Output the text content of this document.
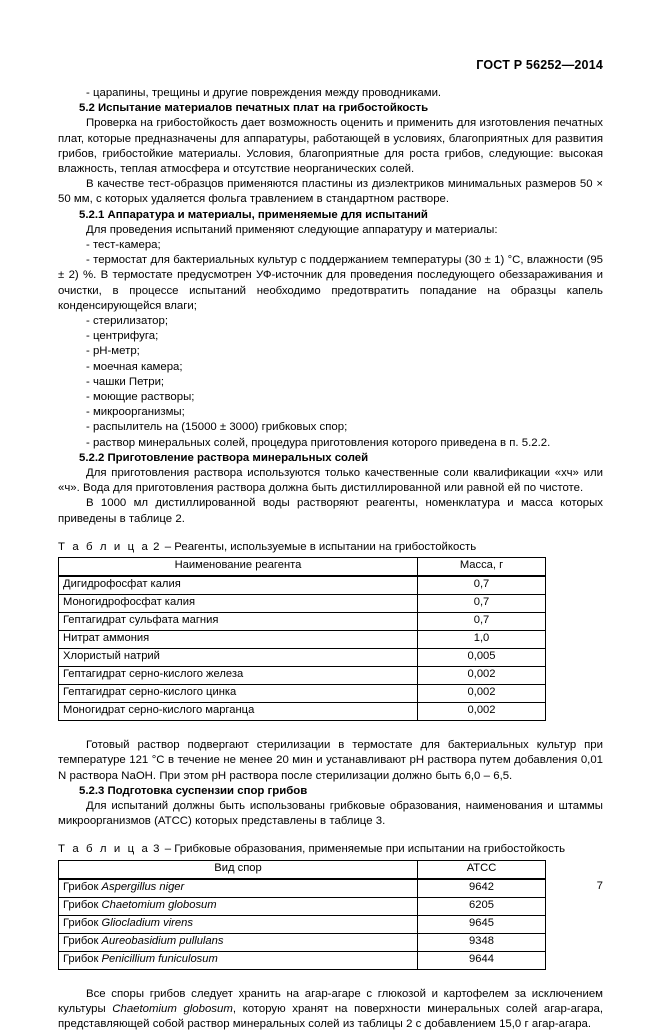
ГОСТ Р 56252—2014

- царапины, трещины и другие повреждения между проводниками.

5.2 Испытание материалов печатных плат на грибостойкость

Проверка на грибостойкость дает возможность оценить и применить для изготовления печатных плат, которые предназначены для аппаратуры, работающей в условиях, благоприятных для развития грибов, грибостойкие материалы. Условия, благоприятные для роста грибов, следующие: высокая влажность, теплая атмосфера и отсутствие неорганических солей.

В качестве тест-образцов применяются пластины из диэлектриков минимальных размеров 50 × 50 мм, с которых удаляется фольга травлением в стандартном растворе.

5.2.1 Аппаратура и материалы, применяемые для испытаний

Для проведения испытаний применяют следующие аппаратуру и материалы:

- тест-камера;

- термостат для бактериальных культур с поддержанием температуры (30 ± 1) °С, влажности (95 ± 2) %. В термостате предусмотрен УФ-источник для проведения последующего обеззараживания и очистки, в процессе испытаний необходимо предотвратить попадание на образцы капель конденсирующейся влаги;

- стерилизатор;

- центрифуга;

- рН-метр;

- моечная камера;

- чашки Петри;

- моющие растворы;

- микроорганизмы;

- распылитель на (15000 ± 3000) грибковых спор;

- раствор минеральных солей, процедура приготовления которого приведена в п. 5.2.2.

5.2.2 Приготовление раствора минеральных солей

Для приготовления раствора используются только качественные соли квалификации «хч» или «ч». Вода для приготовления раствора должна быть дистиллированной или равной ей по чистоте.

В 1000 мл дистиллированной воды растворяют реагенты, номенклатура и масса которых приведены в таблице 2.

Т а б л и ц а 2 – Реагенты, используемые в испытании на грибостойкость
Наименование реагента	Масса, г
Дигидрофосфат калия	0,7
Моногидрофосфат калия	0,7
Гептагидрат сульфата магния	0,7
Нитрат аммония	1,0
Хлористый натрий	0,005
Гептагидрат серно-кислого железа	0,002
Гептагидрат серно-кислого цинка	0,002
Моногидрат серно-кислого марганца	0,002

Готовый раствор подвергают стерилизации в термостате для бактериальных культур при температуре 121 °С в течение не менее 20 мин и устанавливают рН раствора путем добавления 0,01 N раствора NaOH. При этом рН раствора после стерилизации должно быть 6,0 – 6,5.

5.2.3 Подготовка суспензии спор грибов

Для испытаний должны быть использованы грибковые образования, наименования и штаммы микроорганизмов (АТСС) которых представлены в таблице 3.

Т а б л и ц а 3 – Грибковые образования, применяемые при испытании на грибостойкость
Вид спор	АТСС
Грибок Aspergillus niger	9642
Грибок Chaetomium globosum	6205
Грибок Gliocladium virens	9645
Грибок Aureobasidium pullulans	9348
Грибок Penicillium funiculosum	9644

Все споры грибов следует хранить на агар-агаре с глюкозой и картофелем за исключением культуры Chaetomium globosum, которую хранят на поверхности минеральных солей агар-агара, представляющей собой раствор минеральных солей из таблицы 2 с добавлением 15,0 г агар-агара.

7
